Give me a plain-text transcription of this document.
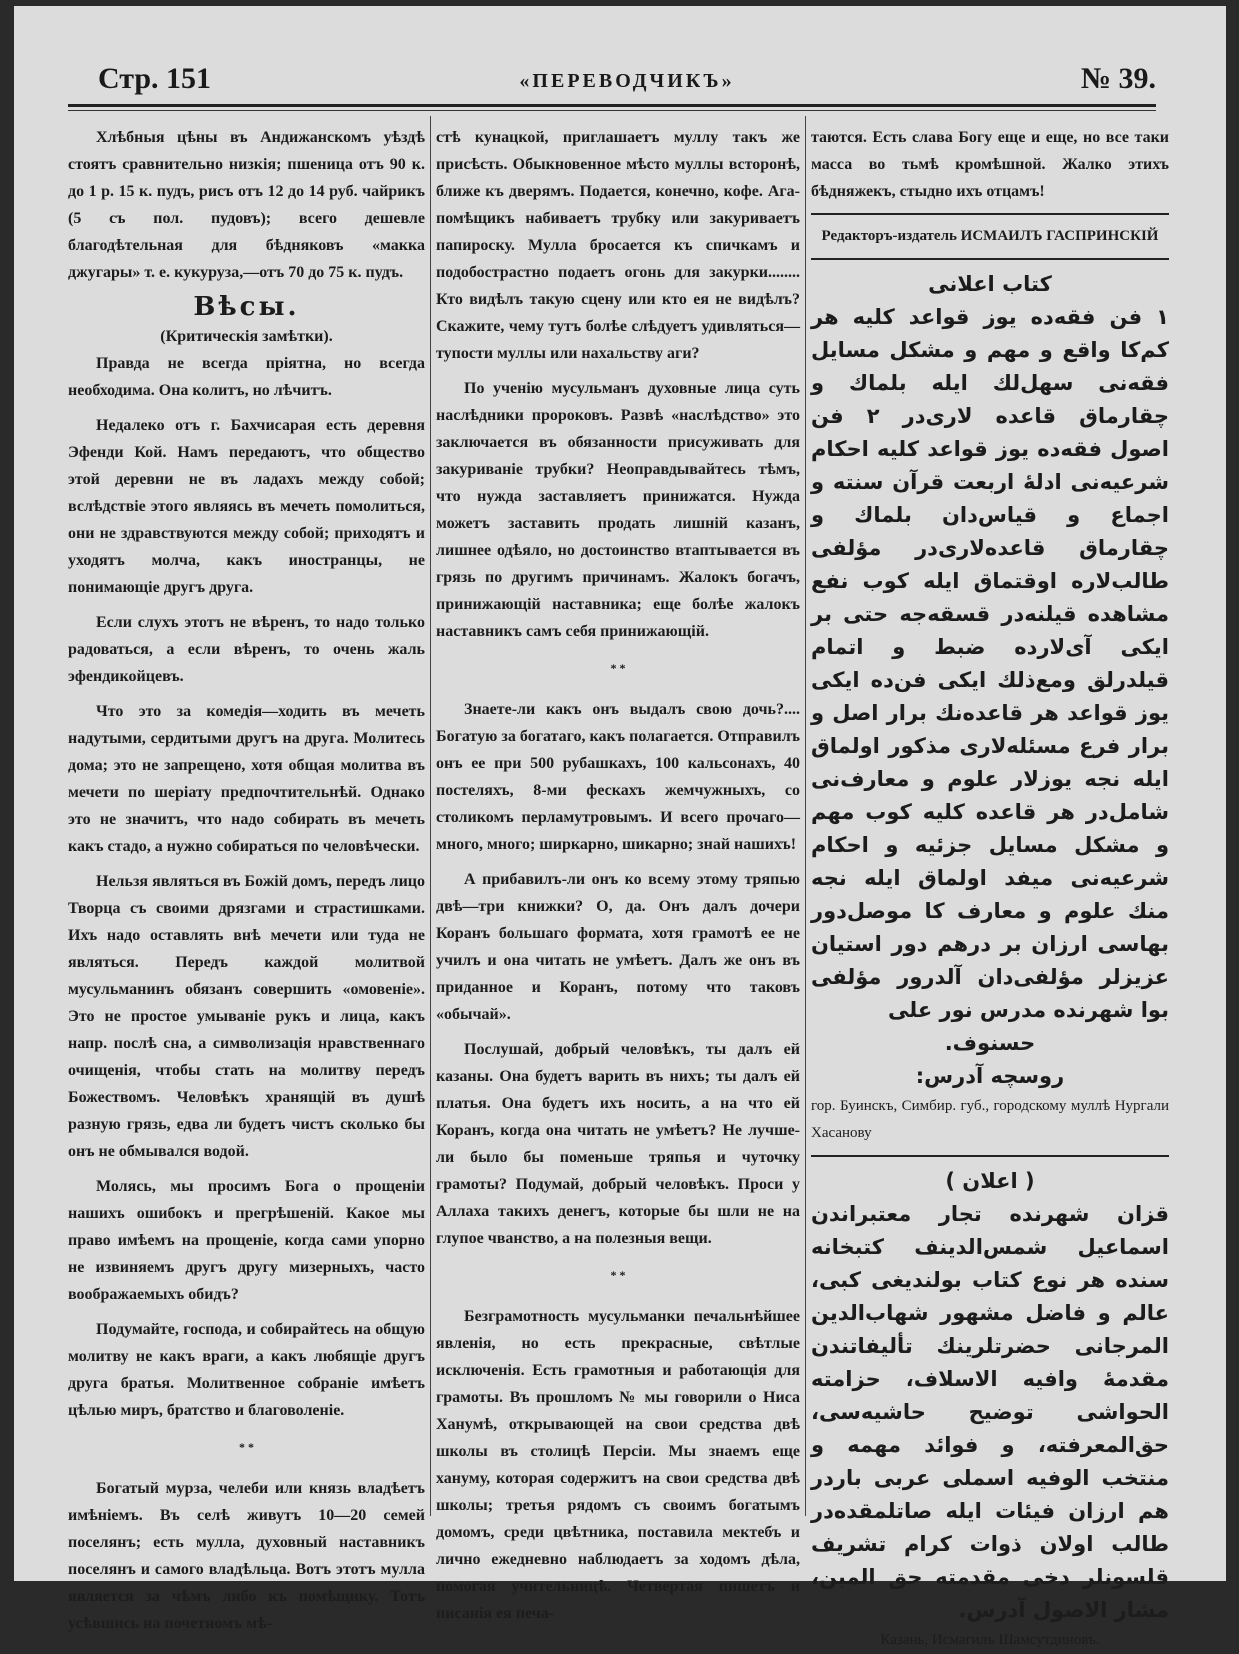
Стр. 151	«ПЕРЕВОДЧИКЪ»	№ 39.

Хлѣбныя цѣны въ Андижанскомъ уѣздѣ стоятъ сравнительно низкія; пшеница отъ 90 к. до 1 р. 15 к. пудъ, рисъ отъ 12 до 14 руб. чайрикъ (5 съ пол. пудовъ); всего дешевле благодѣтельная для бѣдняковъ «макка джугары» т. е. кукуруза,—отъ 70 до 75 к. пудъ.

Вѣсы.
(Критическія замѣтки).

Правда не всегда пріятна, но всегда необходима. Она колитъ, но лѣчитъ.

Недалеко отъ г. Бахчисарая есть деревня Эфенди Кой. Намъ передаютъ, что общество этой деревни не въ ладахъ между собой; вслѣдствіе этого являясь въ мечеть помолиться, они не здравствуются между собой; приходятъ и уходятъ молча, какъ иностранцы, не понимающіе другъ друга.

Если слухъ этотъ не вѣренъ, то надо только радоваться, а если вѣренъ, то очень жаль эфендикойцевъ.

Что это за комедія—ходить въ мечеть надутыми, сердитыми другъ на друга. Молитесь дома; это не запрещено, хотя общая молитва въ мечети по шеріату предпочтительнѣй. Однако это не значитъ, что надо собирать въ мечеть какъ стадо, а нужно собираться по человѣчески.

Нельзя являться въ Божій домъ, передъ лицо Творца съ своими дрязгами и страстишками. Ихъ надо оставлять внѣ мечети или туда не являться. Передъ каждой молитвой мусульманинъ обязанъ совершить «омовеніе». Это не простое умываніе рукъ и лица, какъ напр. послѣ сна, а символизація нравственнаго очищенія, чтобы стать на молитву передъ Божествомъ. Человѣкъ хранящій въ душѣ разную грязь, едва ли будетъ чистъ сколько бы онъ не обмывался водой.

Молясь, мы просимъ Бога о прощеніи нашихъ ошибокъ и прегрѣшеній. Какое мы право имѣемъ на прощеніе, когда сами упорно не извиняемъ другъ другу мизерныхъ, часто воображаемыхъ обидъ?

Подумайте, господа, и собирайтесь на общую молитву не какъ враги, а какъ любящіе другъ друга братья. Молитвенное собраніе имѣетъ цѣлью миръ, братство и благоволеніе.

* *

Богатый мурза, челеби или князь владѣетъ имѣніемъ. Въ селѣ живутъ 10—20 семей поселянъ; есть мулла, духовный наставникъ поселянъ и самого владѣльца. Вотъ этотъ мулла является за чѣмъ либо къ помѣщику. Тотъ усѣвшись на почетномъ мѣ-

стѣ кунацкой, приглашаетъ муллу такъ же присѣсть. Обыкновенное мѣсто муллы всторонѣ, ближе къ дверямъ. Подается, конечно, кофе. Ага-помѣщикъ набиваетъ трубку или закуриваетъ папироску. Мулла бросается къ спичкамъ и подобострастно подаетъ огонь для закурки........ Кто видѣлъ такую сцену или кто ея не видѣлъ? Скажите, чему тутъ болѣе слѣдуетъ удивляться—тупости муллы или нахальству аги?

По ученію мусульманъ духовные лица суть наслѣдники пророковъ. Развѣ «наслѣдство» это заключается въ обязанности присуживать для закуриваніе трубки? Неоправдывайтесь тѣмъ, что нужда заставляетъ принижатся. Нужда можетъ заставить продать лишній казанъ, лишнее одѣяло, но достоинство втаптывается въ грязь по другимъ причинамъ. Жалокъ богачъ, принижающій наставника; еще болѣе жалокъ наставникъ самъ себя принижающій.

* *

Знаете-ли какъ онъ выдалъ свою дочь?.... Богатую за богатаго, какъ полагается. Отправилъ онъ ее при 500 рубашкахъ, 100 кальсонахъ, 40 постеляхъ, 8-ми фескахъ жемчужныхъ, со столикомъ перламутровымъ. И всего прочаго—много, много; ширкарно, шикарно; знай нашихъ!

А прибавилъ-ли онъ ко всему этому тряпью двѣ—три книжки? О, да. Онъ далъ дочери Коранъ большаго формата, хотя грамотѣ ее не училъ и она читать не умѣетъ. Далъ же онъ въ приданное и Коранъ, потому что таковъ «обычай».

Послушай, добрый человѣкъ, ты далъ ей казаны. Она будетъ варить въ нихъ; ты далъ ей платья. Она будетъ ихъ носить, а на что ей Коранъ, когда она читать не умѣетъ? Не лучше-ли было бы поменьше тряпья и чуточку грамоты? Подумай, добрый человѣкъ. Проси у Аллаха такихъ денегъ, которые бы шли не на глупое чванство, а на полезныя вещи.

* *

Безграмотность мусульманки печальнѣйшее явленія, но есть прекрасные, свѣтлые исключенія. Есть грамотныя и работающія для грамоты. Въ прошломъ № мы говорили о Ниса Ханумѣ, открывающей на свои средства двѣ школы въ столицѣ Персіи. Мы знаемъ еще хануму, которая содержитъ на свои средства двѣ школы; третья рядомъ съ своимъ богатымъ домомъ, среди цвѣтника, поставила мектебъ и лично ежедневно наблюдаетъ за ходомъ дѣла, помогая учительницѣ. Четвертая пишетъ и писанія ея печа-

таются. Есть слава Богу еще и еще, но все таки масса во тьмѣ кромѣшной. Жалко этихъ бѣдняжекъ, стыдно ихъ отцамъ!

Редакторъ-издатель ИСМАИЛЪ ГАСПРИНСКІЙ
کتاب اعلانی
۱ فن فقه‌ده یوز قواعد کلیه هر کم‌کا واقع و مهم و مشکل مسایل فقه‌نی سهل‌لك ایله بلماك و چقارماق قاعده لاری‌در ۲ فن اصول فقه‌ده یوز قواعد کلیه احکام شرعیه‌نی ادلهٔ اربعت قرآن سنته و اجماع و قیاس‌دان بلماك و چقارماق قاعده‌لاری‌در مؤلفی طالب‌لاره اوقتماق ایله کوب نفع مشاهده قیلنه‌در قسقه‌جه حتی بر ایکی آی‌لارده ضبط و اتمام قیلدرلق ومع‌ذلك ایکی فن‌ده ایکی یوز قواعد هر قاعده‌نك برار اصل و برار فرع مسئله‌لاری مذکور اولماق ایله نجه یوزلار علوم و معارف‌نی شامل‌در هر قاعده کلیه کوب مهم و مشکل مسایل جزئیه و احکام شرعیه‌نی میفد اولماق ایله نجه منك علوم و معارف کا موصل‌دور بهاسی ارزان بر درهم دور استیان عزیزلر مؤلفی‌دان آلدرور مؤلفی بوا شهرنده مدرس نور علی
حسنوف.
روسچه آدرس:

гор. Буинскъ, Симбир. губ., городскому муллѣ Нургали Хасанову

( اعلان )
قزان شهرنده تجار معتبراندن اسماعیل شمس‌الدینف کتبخانه سنده هر نوع کتاب بولندیغی کبی، عالم و فاضل مشهور شهاب‌الدین المرجانی حضرتلرینك تألیفاتندن مقدمهٔ وافیه الاسلاف، حزامته الحواشی توضیح حاشیه‌سی، حق‌المعرفته، و فوائد مهمه و منتخب الوفیه اسملی عربی باردر هم ارزان فیئات ایله صاتلمقده‌در طالب اولان ذوات کرام تشریف قلسونلر دخی مقدمته حق المبن، مشار الاصول آدرس.
Казань, Исмагилъ Шамсутдиновъ.
